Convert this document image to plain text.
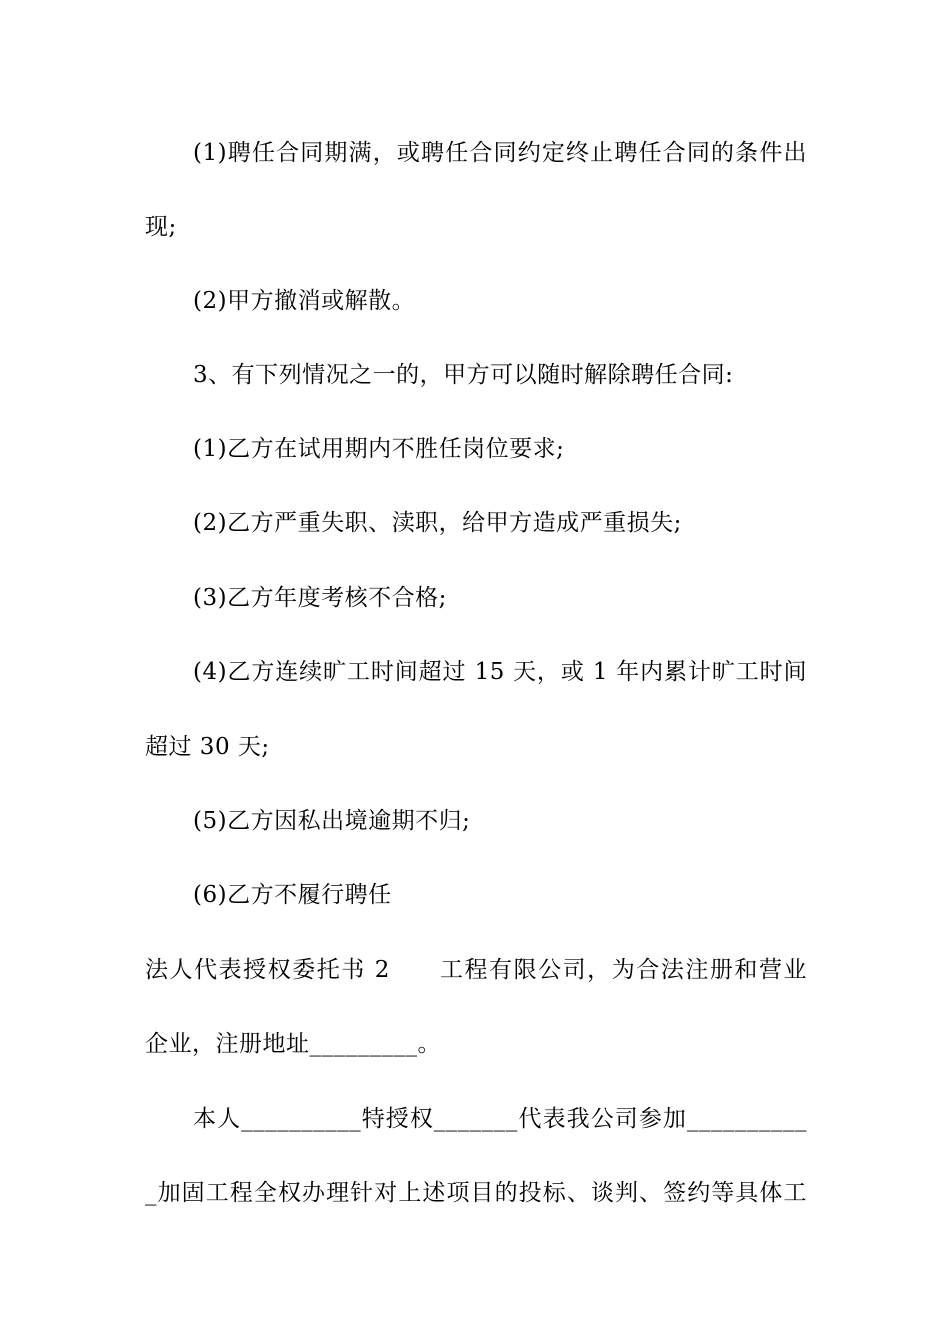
(1)聘任合同期满，或聘任合同约定终止聘任合同的条件出
现;
(2)甲方撤消或解散。
3、有下列情况之一的，甲方可以随时解除聘任合同:
(1)乙方在试用期内不胜任岗位要求;
(2)乙方严重失职、渎职，给甲方造成严重损失;
(3)乙方年度考核不合格;
(4)乙方连续旷工时间超过 15 天，或 1 年内累计旷工时间
超过 30 天;
(5)乙方因私出境逾期不归;
(6)乙方不履行聘任
法人代表授权委托书 2　　工程有限公司，为合法注册和营业
企业，注册地址_________。
本人__________特授权_______代表我公司参加__________
_加固工程全权办理针对上述项目的投标、谈判、签约等具体工
